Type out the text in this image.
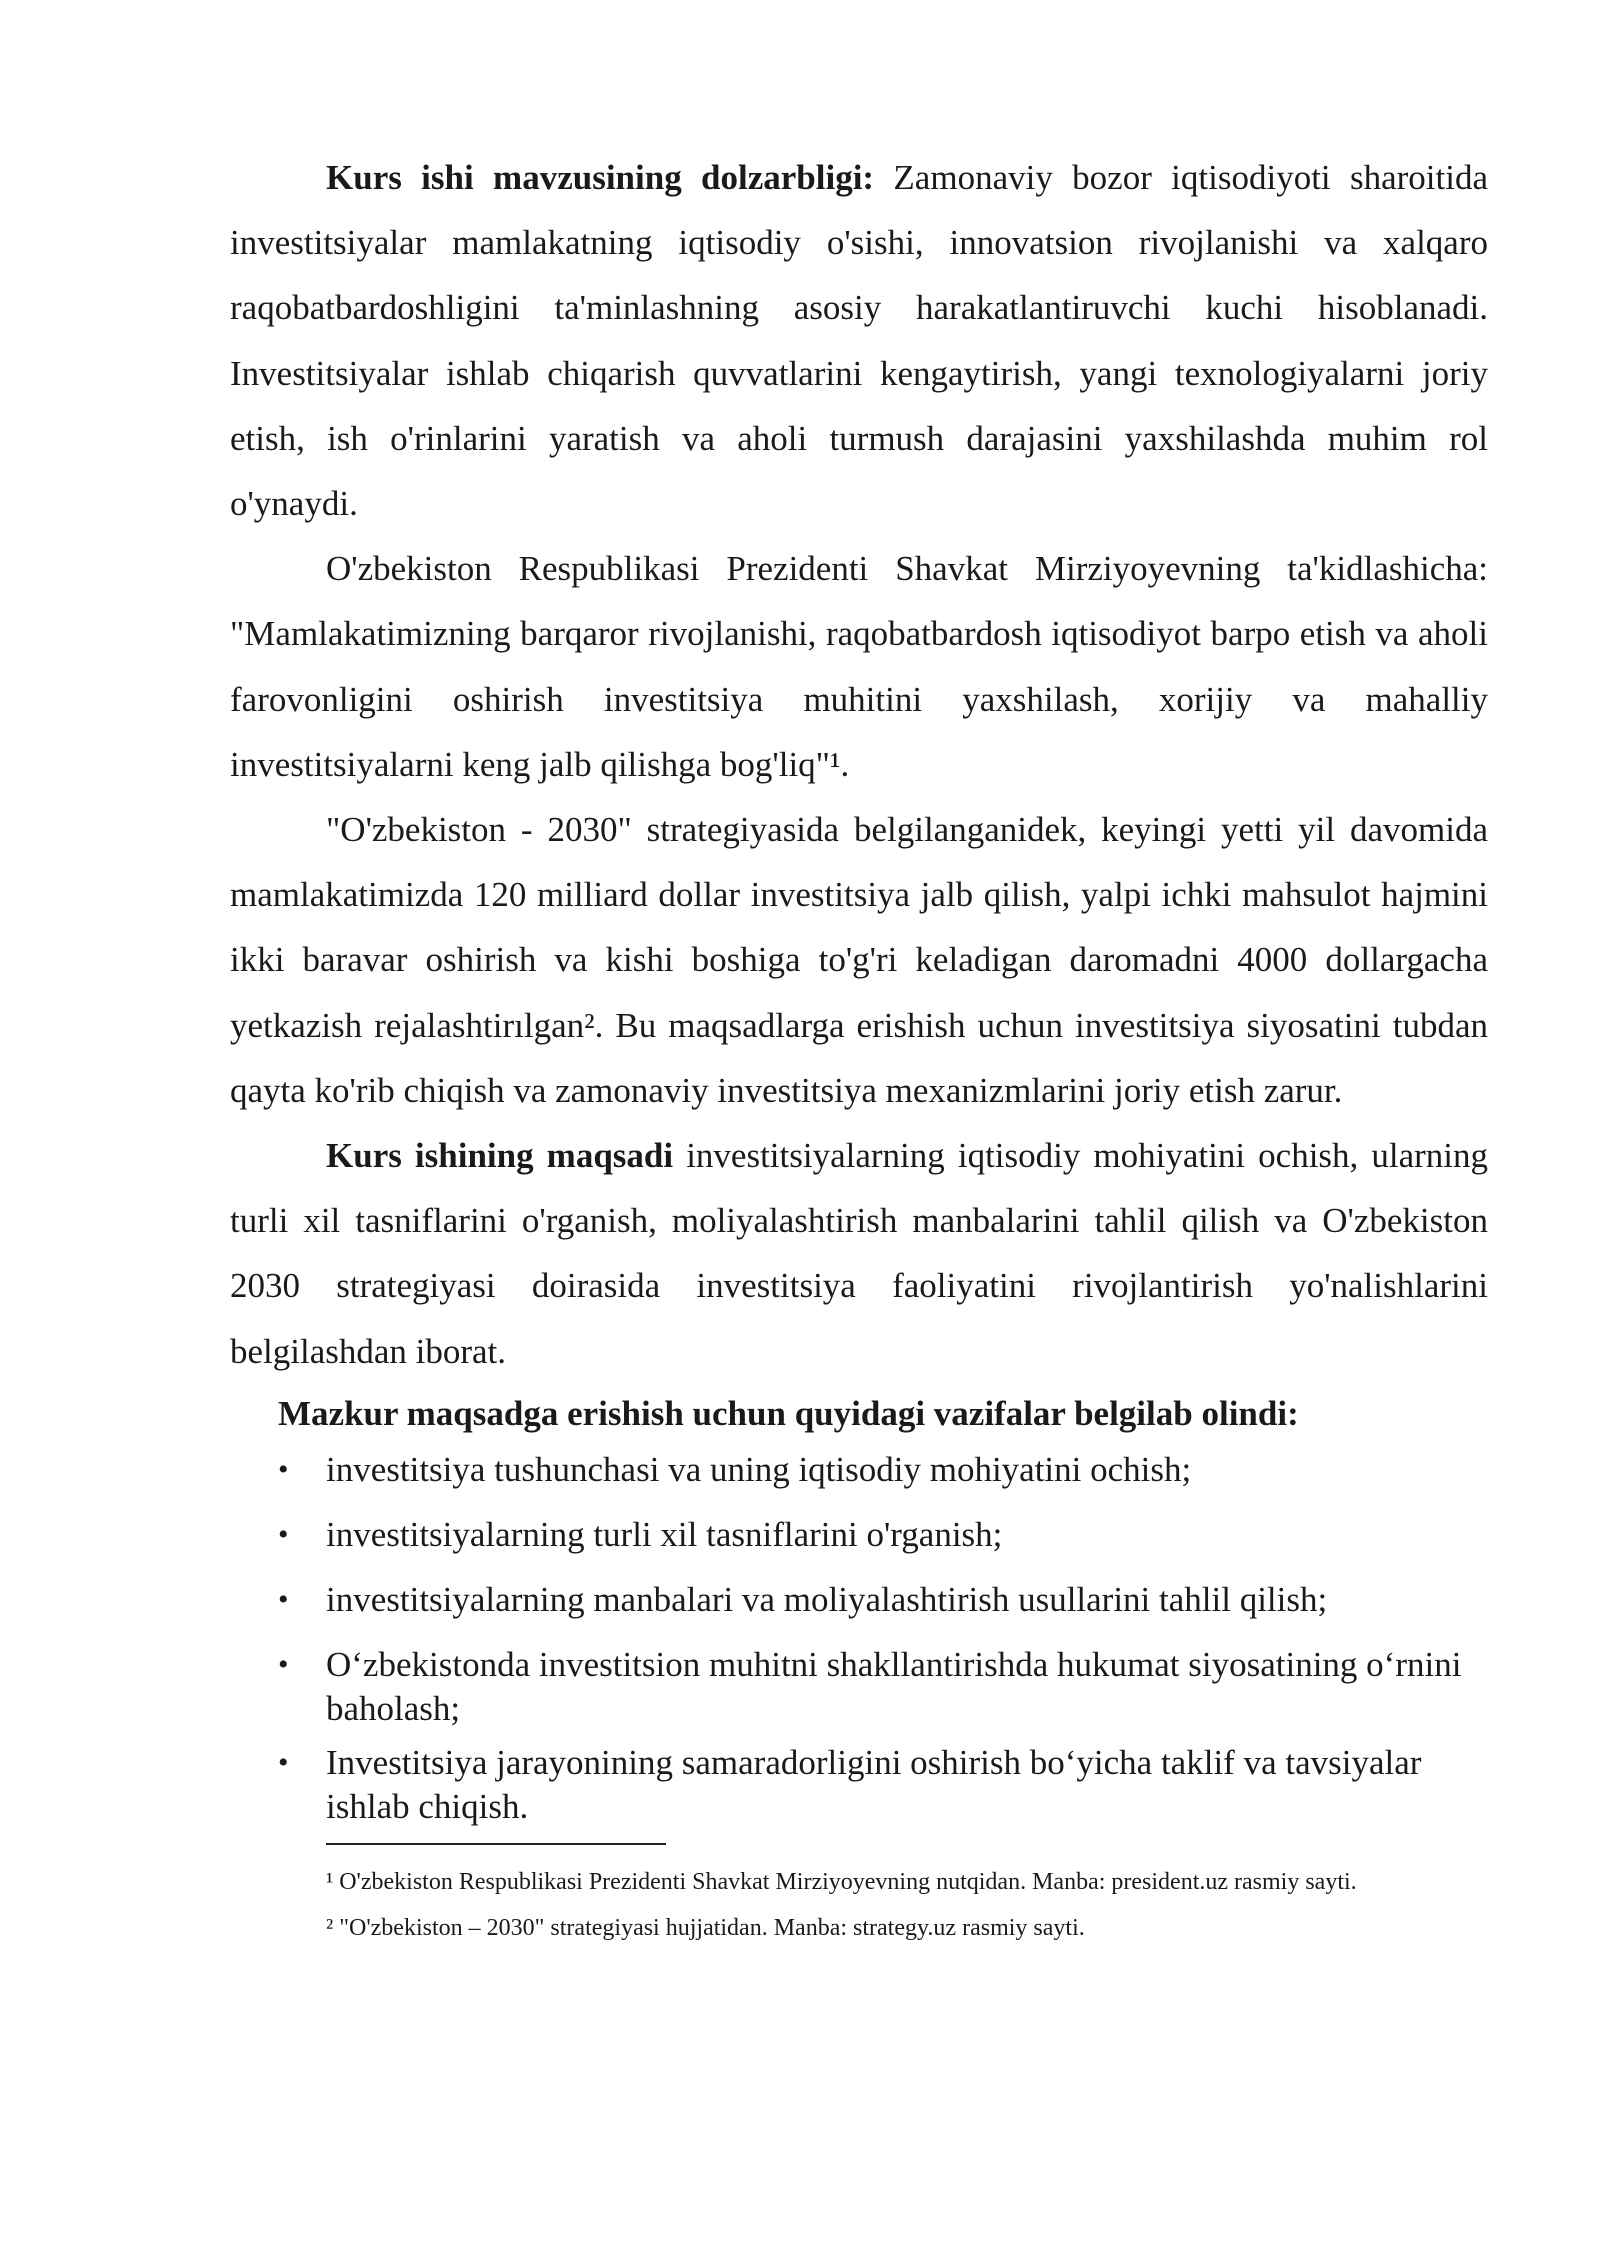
Kurs ishi mavzusining dolzarbligi: Zamonaviy bozor iqtisodiyoti sharoitida investitsiyalar mamlakatning iqtisodiy o'sishi, innovatsion rivojlanishi va xalqaro raqobatbardoshligini ta'minlashning asosiy harakatlantiruvchi kuchi hisoblanadi. Investitsiyalar ishlab chiqarish quvvatlarini kengaytirish, yangi texnologiyalarni joriy etish, ish o'rinlarini yaratish va aholi turmush darajasini yaxshilashda muhim rol o'ynaydi.

O'zbekiston Respublikasi Prezidenti Shavkat Mirziyoyevning ta'kidlashicha: "Mamlakatimizning barqaror rivojlanishi, raqobatbardosh iqtisodiyot barpo etish va aholi farovonligini oshirish investitsiya muhitini yaxshilash, xorijiy va mahalliy investitsiyalarni keng jalb qilishga bog'liq"¹.

"O'zbekiston - 2030" strategiyasida belgilanganidek, keyingi yetti yil davomida mamlakatimizda 120 milliard dollar investitsiya jalb qilish, yalpi ichki mahsulot hajmini ikki baravar oshirish va kishi boshiga to'g'ri keladigan daromadni 4000 dollargacha yetkazish rejalashtirılgan². Bu maqsadlarga erishish uchun investitsiya siyosatini tubdan qayta ko'rib chiqish va zamonaviy investitsiya mexanizmlarini joriy etish zarur.

Kurs ishining maqsadi investitsiyalarning iqtisodiy mohiyatini ochish, ularning turli xil tasniflarini o'rganish, moliyalashtirish manbalarini tahlil qilish va O'zbekiston 2030 strategiyasi doirasida investitsiya faoliyatini rivojlantirish yo'nalishlarini belgilashdan iborat.

Mazkur maqsadga erishish uchun quyidagi vazifalar belgilab olindi:
• investitsiya tushunchasi va uning iqtisodiy mohiyatini ochish;
• investitsiyalarning turli xil tasniflarini o'rganish;
• investitsiyalarning manbalari va moliyalashtirish usullarini tahlil qilish;
• O‘zbekistonda investitsion muhitni shakllantirishda hukumat siyosatining o‘rnini baholash;
• Investitsiya jarayonining samaradorligini oshirish bo‘yicha taklif va tavsiyalar ishlab chiqish.

¹ O'zbekiston Respublikasi Prezidenti Shavkat Mirziyoyevning nutqidan. Manba: president.uz rasmiy sayti.

² "O'zbekiston – 2030" strategiyasi hujjatidan. Manba: strategy.uz rasmiy sayti.
